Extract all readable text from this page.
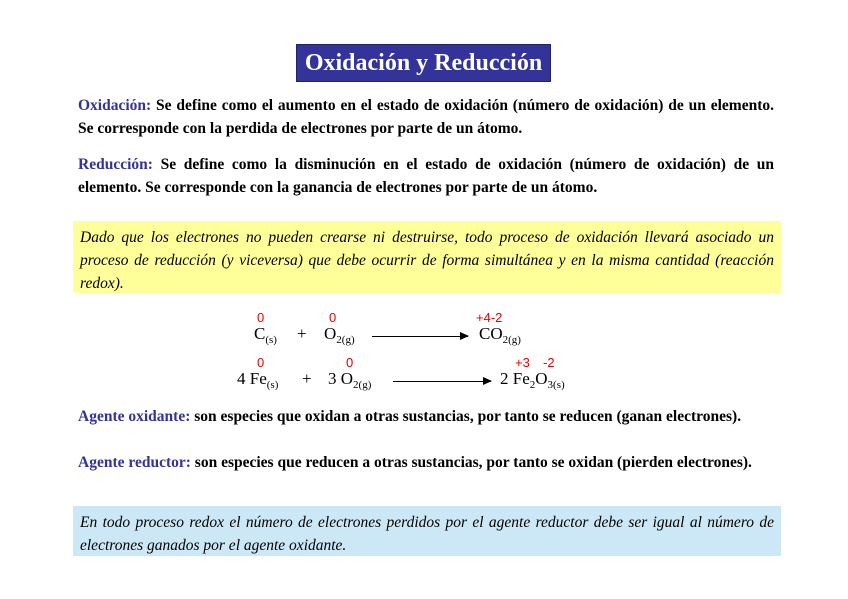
Oxidación y Reducción
Oxidación: Se define como el aumento en el estado de oxidación (número de oxidación) de un elemento. Se corresponde con la perdida de electrones por parte de un átomo.
Reducción: Se define como la disminución en el estado de oxidación (número de oxidación) de un elemento. Se corresponde con la ganancia de electrones por parte de un átomo.
Dado que los electrones no pueden crearse ni destruirse, todo proceso de oxidación llevará asociado un proceso de reducción (y viceversa) que debe ocurrir de forma simultánea y en la misma cantidad (reacción redox).
0	0	+4-2
$C_{(s)} + O_{2(g)}$	$CO_{2(g)}$
0	0	+3 -2
4 $Fe_{(s)} + 3$ $O_{2(g)}$	2 $Fe_2O_{3(s)}$
Agente oxidante: son especies que oxidan a otras sustancias, por tanto se reducen (ganan electrones).
Agente reductor: son especies que reducen a otras sustancias, por tanto se oxidan (pierden electrones).
En todo proceso redox el número de electrones perdidos por el agente reductor debe ser igual al número de electrones ganados por el agente oxidante.
